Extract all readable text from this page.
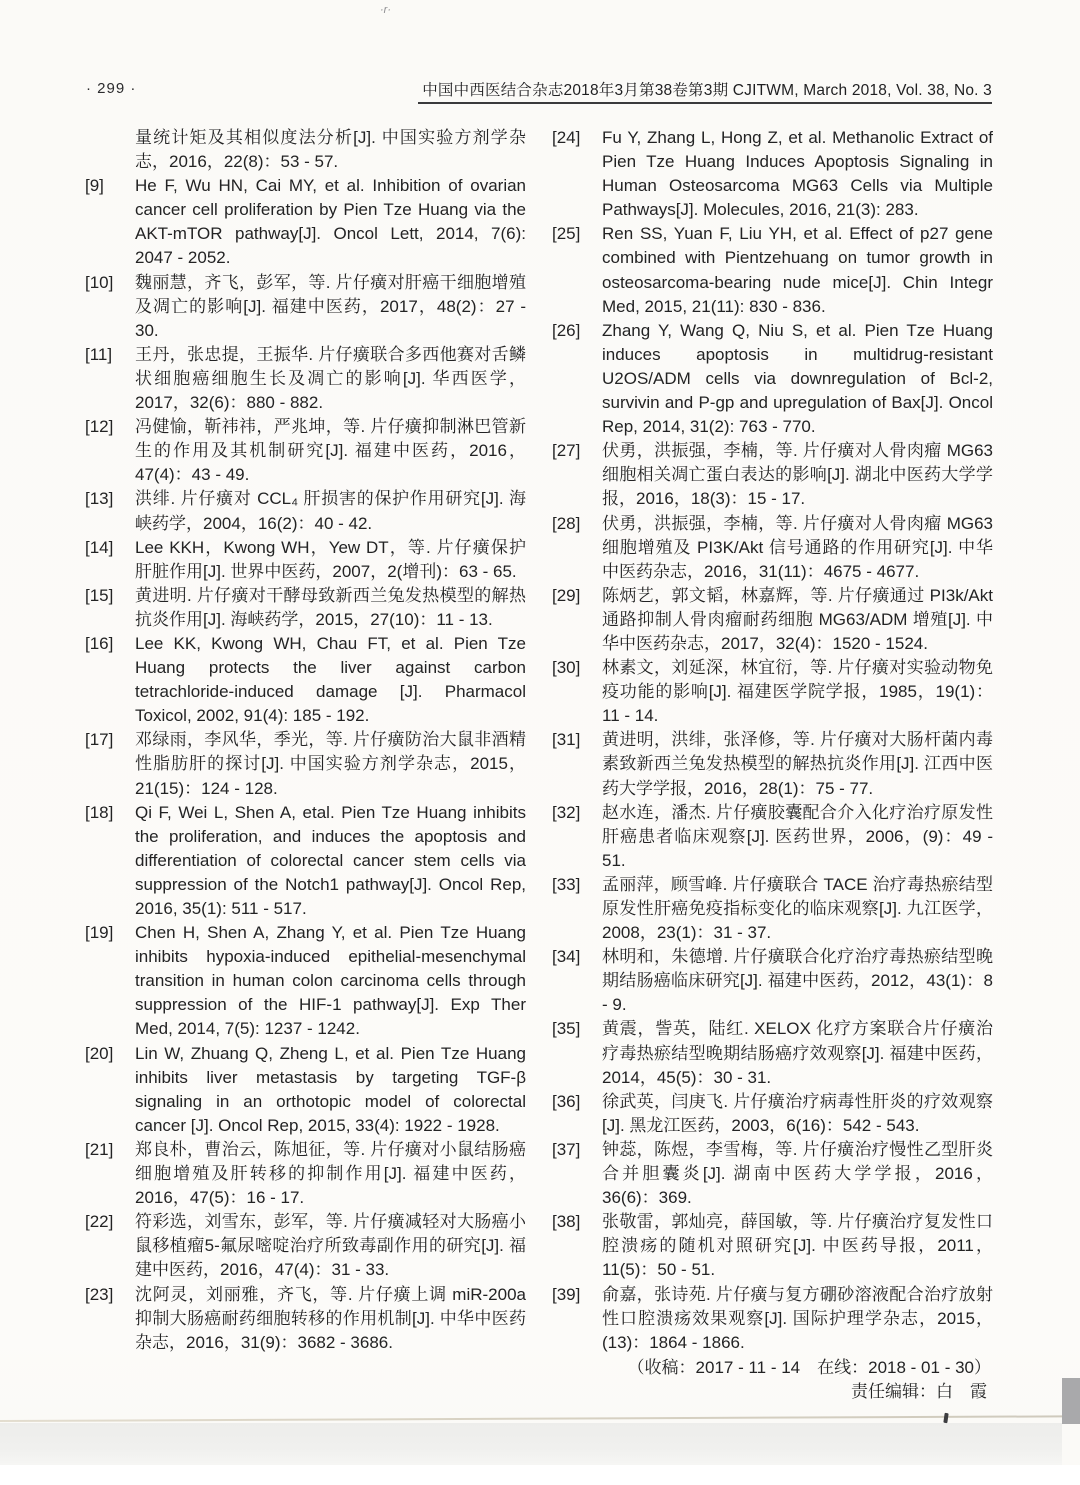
·r·
· 299 ·	中国中西医结合杂志2018年3月第38卷第3期 CJITWM, March 2018, Vol. 38, No. 3

量统计矩及其相似度法分析[J]. 中国实验方剂学杂志，2016，22(8)：53 - 57.

[9] He F, Wu HN, Cai MY, et al. Inhibition of ovarian cancer cell proliferation by Pien Tze Huang via the AKT-mTOR pathway[J]. Oncol Lett, 2014, 7(6): 2047 - 2052.

[10] 魏丽慧，齐飞，彭军，等. 片仔癀对肝癌干细胞增殖及凋亡的影响[J]. 福建中医药，2017，48(2)：27 - 30.

[11] 王丹，张忠提，王振华. 片仔癀联合多西他赛对舌鳞状细胞癌细胞生长及凋亡的影响[J]. 华西医学，2017，32(6)：880 - 882.

[12] 冯健愉，靳祎祎，严兆坤，等. 片仔癀抑制淋巴管新生的作用及其机制研究[J]. 福建中医药，2016，47(4)：43 - 49.

[13] 洪绯. 片仔癀对 CCL₄ 肝损害的保护作用研究[J]. 海峡药学，2004，16(2)：40 - 42.

[14] Lee KKH，Kwong WH，Yew DT，等. 片仔癀保护肝脏作用[J]. 世界中医药，2007，2(增刊)：63 - 65.

[15] 黄进明. 片仔癀对干酵母致新西兰兔发热模型的解热抗炎作用[J]. 海峡药学，2015，27(10)：11 - 13.

[16] Lee KK, Kwong WH, Chau FT, et al. Pien Tze Huang protects the liver against carbon tetrachloride-induced damage [J]. Pharmacol Toxicol, 2002, 91(4): 185 - 192.

[17] 邓绿雨，李风华，季光，等. 片仔癀防治大鼠非酒精性脂肪肝的探讨[J]. 中国实验方剂学杂志，2015，21(15)：124 - 128.

[18] Qi F, Wei L, Shen A, etal. Pien Tze Huang inhibits the proliferation, and induces the apoptosis and differentiation of colorectal cancer stem cells via suppression of the Notch1 pathway[J]. Oncol Rep, 2016, 35(1): 511 - 517.

[19] Chen H, Shen A, Zhang Y, et al. Pien Tze Huang inhibits hypoxia-induced epithelial-mesenchymal transition in human colon carcinoma cells through suppression of the HIF-1 pathway[J]. Exp Ther Med, 2014, 7(5): 1237 - 1242.

[20] Lin W, Zhuang Q, Zheng L, et al. Pien Tze Huang inhibits liver metastasis by targeting TGF-β signaling in an orthotopic model of colorectal cancer [J]. Oncol Rep, 2015, 33(4): 1922 - 1928.

[21] 郑良朴，曹治云，陈旭征，等. 片仔癀对小鼠结肠癌细胞增殖及肝转移的抑制作用[J]. 福建中医药，2016，47(5)：16 - 17.

[22] 符彩选，刘雪东，彭军，等. 片仔癀减轻对大肠癌小鼠移植瘤5-氟尿嘧啶治疗所致毒副作用的研究[J]. 福建中医药，2016，47(4)：31 - 33.

[23] 沈阿灵，刘丽雅，齐飞，等. 片仔癀上调 miR-200a 抑制大肠癌耐药细胞转移的作用机制[J]. 中华中医药杂志，2016，31(9)：3682 - 3686.

[24] Fu Y, Zhang L, Hong Z, et al. Methanolic Extract of Pien Tze Huang Induces Apoptosis Signaling in Human Osteosarcoma MG63 Cells via Multiple Pathways[J]. Molecules, 2016, 21(3): 283.

[25] Ren SS, Yuan F, Liu YH, et al. Effect of p27 gene combined with Pientzehuang on tumor growth in osteosarcoma-bearing nude mice[J]. Chin Integr Med, 2015, 21(11): 830 - 836.

[26] Zhang Y, Wang Q, Niu S, et al. Pien Tze Huang induces apoptosis in multidrug-resistant U2OS/ADM cells via downregulation of Bcl-2, survivin and P-gp and upregulation of Bax[J]. Oncol Rep, 2014, 31(2): 763 - 770.

[27] 伏勇，洪振强，李楠，等. 片仔癀对人骨肉瘤 MG63 细胞相关凋亡蛋白表达的影响[J]. 湖北中医药大学学报，2016，18(3)：15 - 17.

[28] 伏勇，洪振强，李楠，等. 片仔癀对人骨肉瘤 MG63 细胞增殖及 PI3K/Akt 信号通路的作用研究[J]. 中华中医药杂志，2016，31(11)：4675 - 4677.

[29] 陈炳艺，郭文韬，林嘉辉，等. 片仔癀通过 PI3k/Akt 通路抑制人骨肉瘤耐药细胞 MG63/ADM 增殖[J]. 中华中医药杂志，2017，32(4)：1520 - 1524.

[30] 林素文，刘延深，林宜衍，等. 片仔癀对实验动物免疫功能的影响[J]. 福建医学院学报，1985，19(1)：11 - 14.

[31] 黄进明，洪绯，张泽修，等. 片仔癀对大肠杆菌内毒素致新西兰兔发热模型的解热抗炎作用[J]. 江西中医药大学学报，2016，28(1)：75 - 77.

[32] 赵水连，潘杰. 片仔癀胶囊配合介入化疗治疗原发性肝癌患者临床观察[J]. 医药世界，2006，(9)：49 - 51.

[33] 孟丽萍，顾雪峰. 片仔癀联合 TACE 治疗毒热瘀结型原发性肝癌免疫指标变化的临床观察[J]. 九江医学，2008，23(1)：31 - 37.

[34] 林明和，朱德增. 片仔癀联合化疗治疗毒热瘀结型晚期结肠癌临床研究[J]. 福建中医药，2012，43(1)：8 - 9.

[35] 黄震，訾英，陆红. XELOX 化疗方案联合片仔癀治疗毒热瘀结型晚期结肠癌疗效观察[J]. 福建中医药，2014，45(5)：30 - 31.

[36] 徐武英，闫庚飞. 片仔癀治疗病毒性肝炎的疗效观察[J]. 黑龙江医药，2003，6(16)：542 - 543.

[37] 钟蕊，陈煜，李雪梅，等. 片仔癀治疗慢性乙型肝炎合并胆囊炎[J]. 湖南中医药大学学报，2016，36(6)：369.

[38] 张敬雷，郭灿亮，薛国敏，等. 片仔癀治疗复发性口腔溃疡的随机对照研究[J]. 中医药导报，2011，11(5)：50 - 51.

[39] 俞嘉，张诗苑. 片仔癀与复方硼砂溶液配合治疗放射性口腔溃疡效果观察[J]. 国际护理学杂志，2015，(13)：1864 - 1866.

（收稿：2017 - 11 - 14　在线：2018 - 01 - 30）

责任编辑：白　霞
